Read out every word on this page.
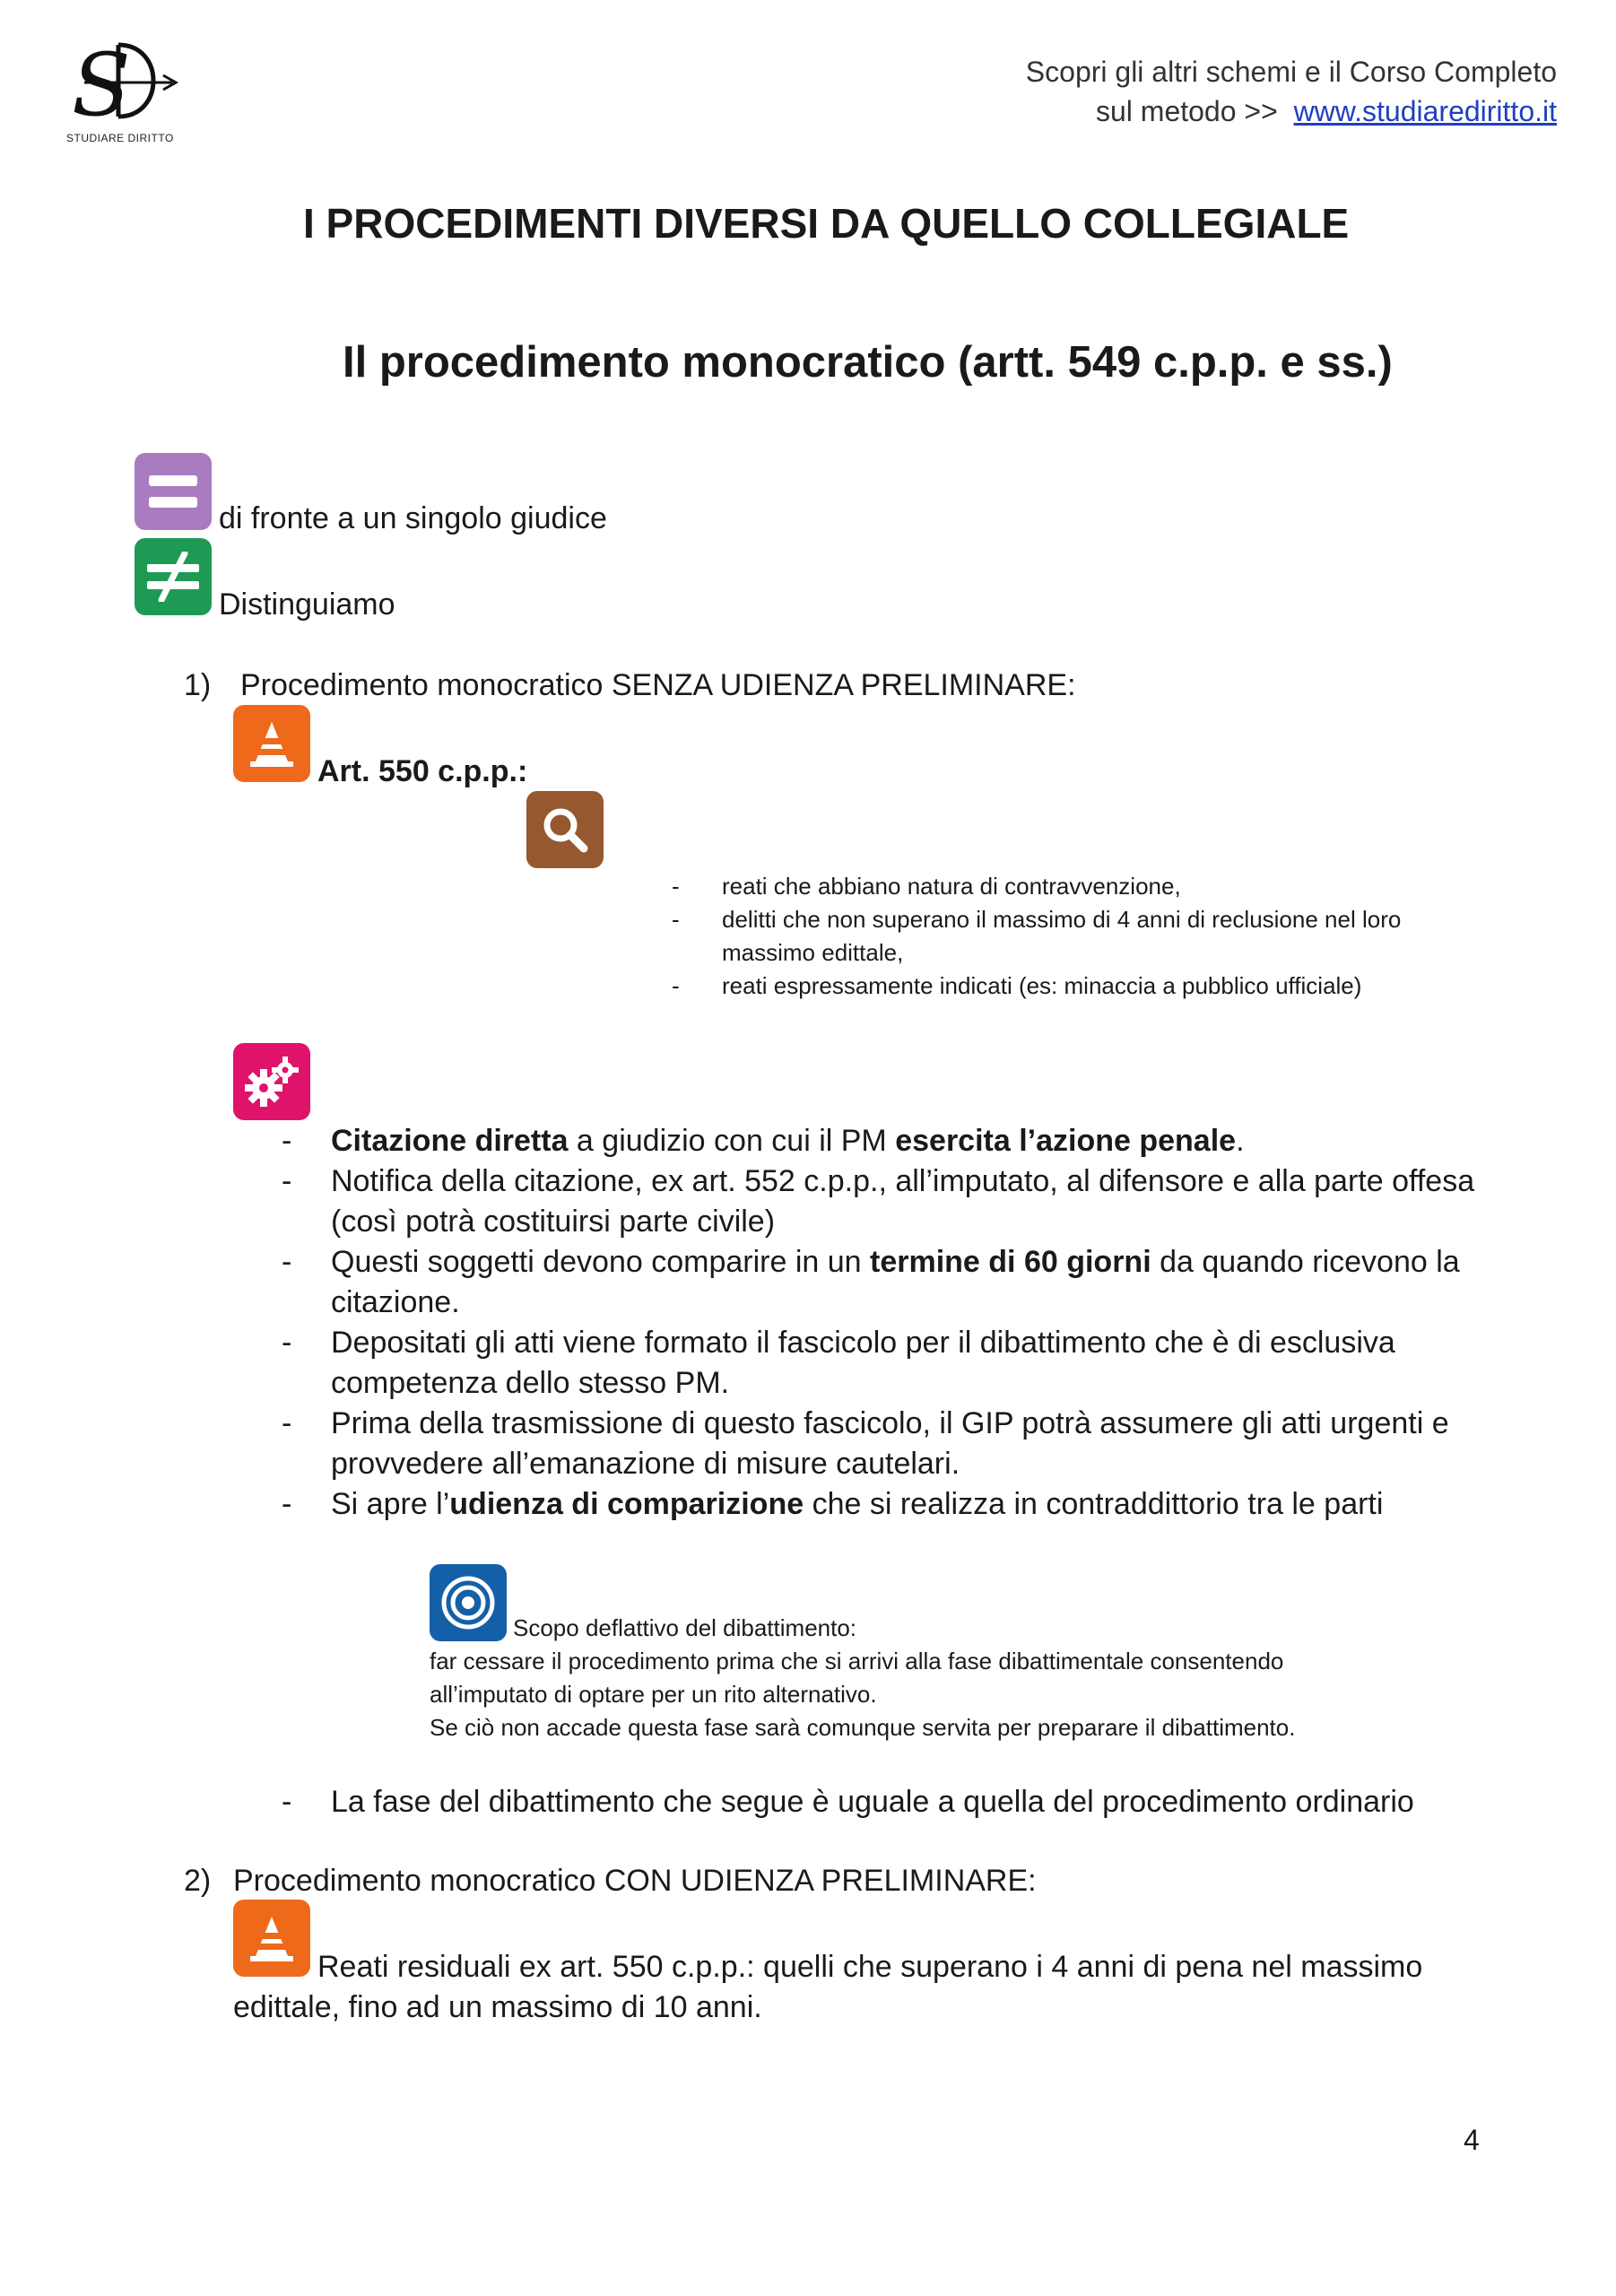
S
STUDIARE DIRITTO
Scopri gli altri schemi e il Corso Completo
sul metodo >> www.studiarediritto.it
I PROCEDIMENTI DIVERSI DA QUELLO COLLEGIALE
Il procedimento monocratico (artt. 549 c.p.p. e ss.)
di fronte a un singolo giudice
Distinguiamo
1) Procedimento monocratico SENZA UDIENZA PRELIMINARE:
Art. 550 c.p.p.:
- reati che abbiano natura di contravvenzione,
- delitti che non superano il massimo di 4 anni di reclusione nel loro
massimo edittale,
- reati espressamente indicati (es: minaccia a pubblico ufficiale)
- Citazione diretta a giudizio con cui il PM esercita l’azione penale.
- Notifica della citazione, ex art. 552 c.p.p., all’imputato, al difensore e alla parte offesa
(così potrà costituirsi parte civile)
- Questi soggetti devono comparire in un termine di 60 giorni da quando ricevono la
citazione.
- Depositati gli atti viene formato il fascicolo per il dibattimento che è di esclusiva
competenza dello stesso PM.
- Prima della trasmissione di questo fascicolo, il GIP potrà assumere gli atti urgenti e
provvedere all’emanazione di misure cautelari.
- Si apre l’udienza di comparizione che si realizza in contraddittorio tra le parti
Scopo deflattivo del dibattimento:
far cessare il procedimento prima che si arrivi alla fase dibattimentale consentendo
all’imputato di optare per un rito alternativo.
Se ciò non accade questa fase sarà comunque servita per preparare il dibattimento.
- La fase del dibattimento che segue è uguale a quella del procedimento ordinario
2) Procedimento monocratico CON UDIENZA PRELIMINARE:
Reati residuali ex art. 550 c.p.p.: quelli che superano i 4 anni di pena nel massimo
edittale, fino ad un massimo di 10 anni.
4
